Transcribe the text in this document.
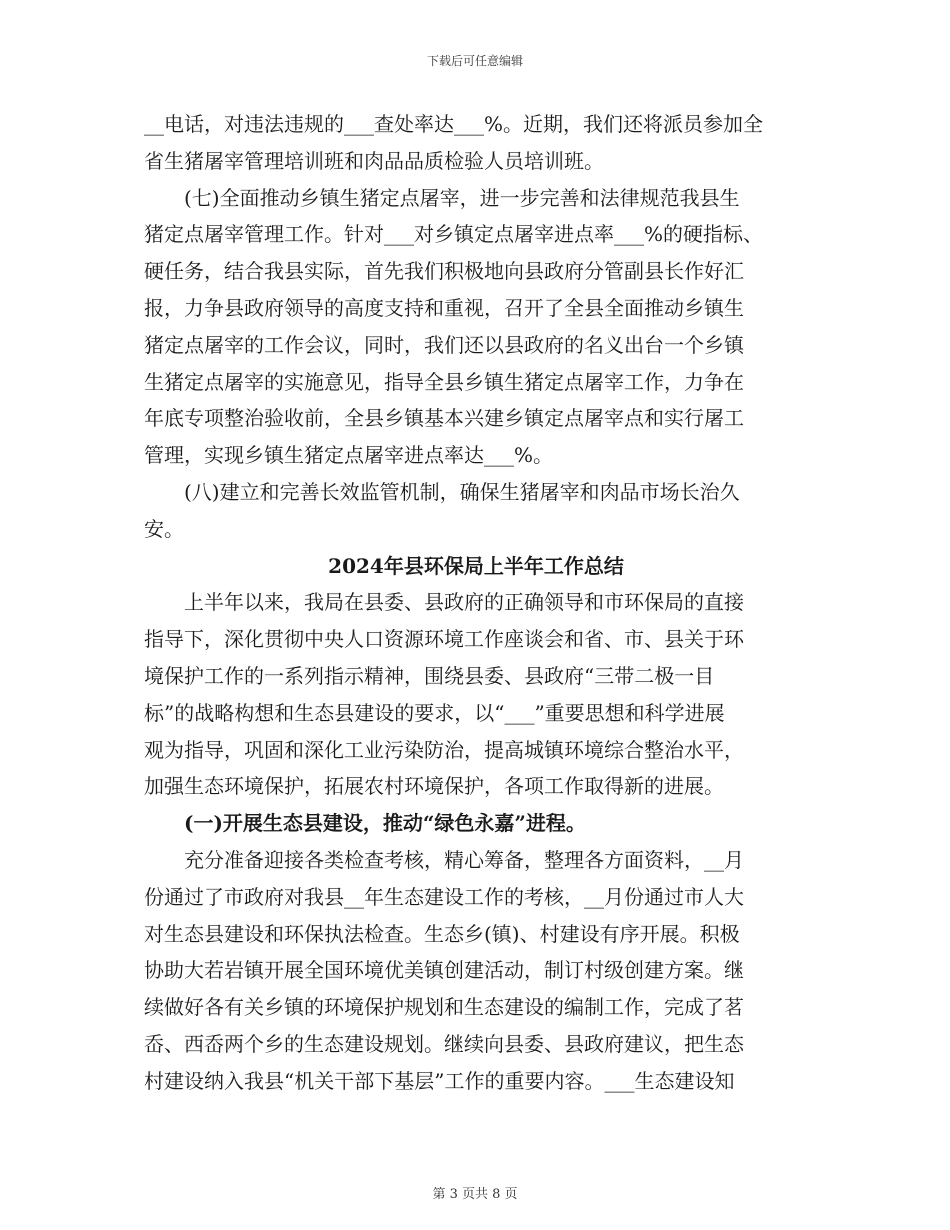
下载后可任意编辑
__电话，对违法违规的___查处率达___%。近期，我们还将派员参加全
省生猪屠宰管理培训班和肉品品质检验人员培训班。
　　(七)全面推动乡镇生猪定点屠宰，进一步完善和法律规范我县生
猪定点屠宰管理工作。针对___对乡镇定点屠宰进点率___%的硬指标、
硬任务，结合我县实际，首先我们积极地向县政府分管副县长作好汇
报，力争县政府领导的高度支持和重视，召开了全县全面推动乡镇生
猪定点屠宰的工作会议，同时，我们还以县政府的名义出台一个乡镇
生猪定点屠宰的实施意见，指导全县乡镇生猪定点屠宰工作，力争在
年底专项整治验收前，全县乡镇基本兴建乡镇定点屠宰点和实行屠工
管理，实现乡镇生猪定点屠宰进点率达___%。
　　(八)建立和完善长效监管机制，确保生猪屠宰和肉品市场长治久
安。
2024年县环保局上半年工作总结
　　上半年以来，我局在县委、县政府的正确领导和市环保局的直接
指导下，深化贯彻中央人口资源环境工作座谈会和省、市、县关于环
境保护工作的一系列指示精神，围绕县委、县政府“三带二极一目
标”的战略构想和生态县建设的要求，以“___”重要思想和科学进展
观为指导，巩固和深化工业污染防治，提高城镇环境综合整治水平，
加强生态环境保护，拓展农村环境保护，各项工作取得新的进展。
　　(一)开展生态县建设，推动“绿色永嘉”进程。
　　充分准备迎接各类检查考核，精心筹备，整理各方面资料，__月
份通过了市政府对我县__年生态建设工作的考核，__月份通过市人大
对生态县建设和环保执法检查。生态乡(镇)、村建设有序开展。积极
协助大若岩镇开展全国环境优美镇创建活动，制订村级创建方案。继
续做好各有关乡镇的环境保护规划和生态建设的编制工作，完成了茗
岙、西岙两个乡的生态建设规划。继续向县委、县政府建议，把生态
村建设纳入我县“机关干部下基层”工作的重要内容。___生态建设知
第 3 页共 8 页
